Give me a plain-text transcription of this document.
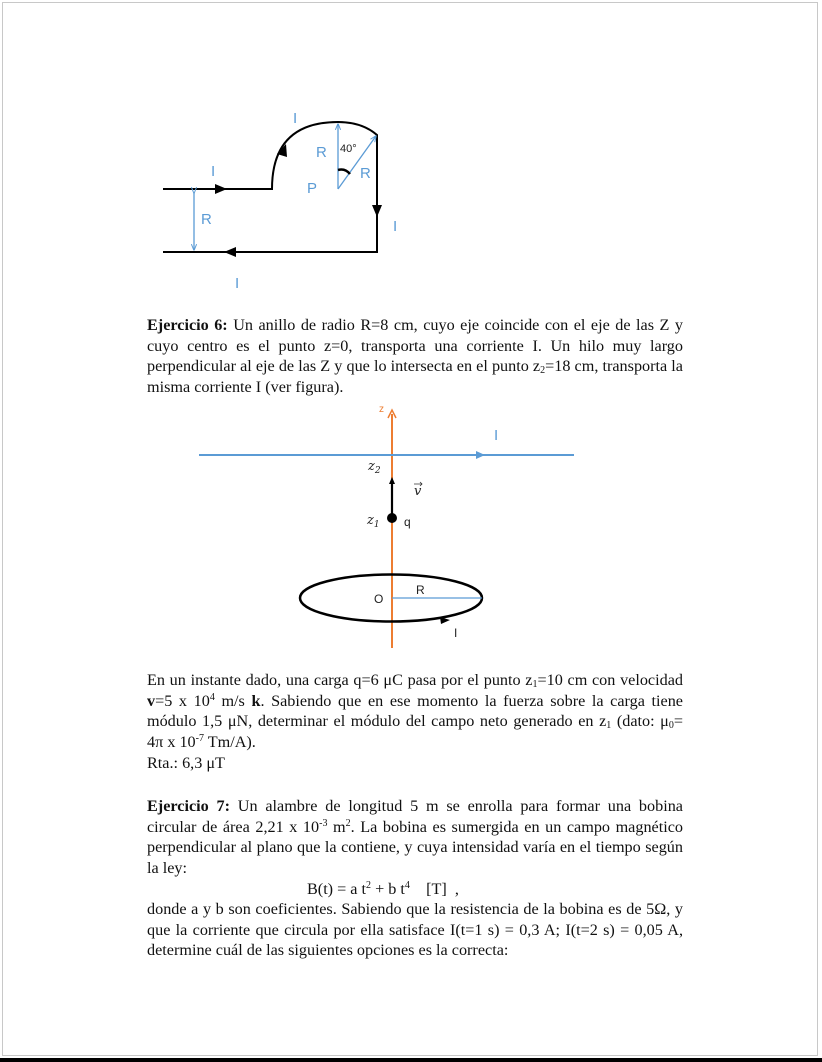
I
I
R 40°
R
P
R	I
I

Ejercicio 6: Un anillo de radio R=8 cm, cuyo eje coincide con el eje de las Z y cuyo centro es el punto z=0, transporta una corriente I. Un hilo muy largo perpendicular al eje de las Z y que lo intersecta en el punto $z_2=18$ cm, transporta la misma corriente I (ver figura).

z
I
$z_2$
v
$z_1$ q
O
R
I

En un instante dado, una carga q=6 μC pasa por el punto $z_1=10$ cm con velocidad v=5 x $10^4$ m/s k. Sabiendo que en ese momento la fuerza sobre la carga tiene módulo 1,5 μN, determinar el módulo del campo neto generado en $z_1$ (dato: $\mu_0= 4\pi$ x $10^{-7}$ Tm/A).

Rta.: 6,3 μT

Ejercicio 7: Un alambre de longitud 5 m se enrolla para formar una bobina circular de área 2,21 x $10^{-3}$ $m^2$. La bobina es sumergida en un campo magnético perpendicular al plano que la contiene, y cuya intensidad varía en el tiempo según la ley:

B(t) = a $t^2 + b$ $t^4$    [T]  ,

donde a y b son coeficientes. Sabiendo que la resistencia de la bobina es de 5Ω, y que la corriente que circula por ella satisface I(t=1 s) = 0,3 A; I(t=2 s) = 0,05 A, determine cuál de las siguientes opciones es la correcta:
